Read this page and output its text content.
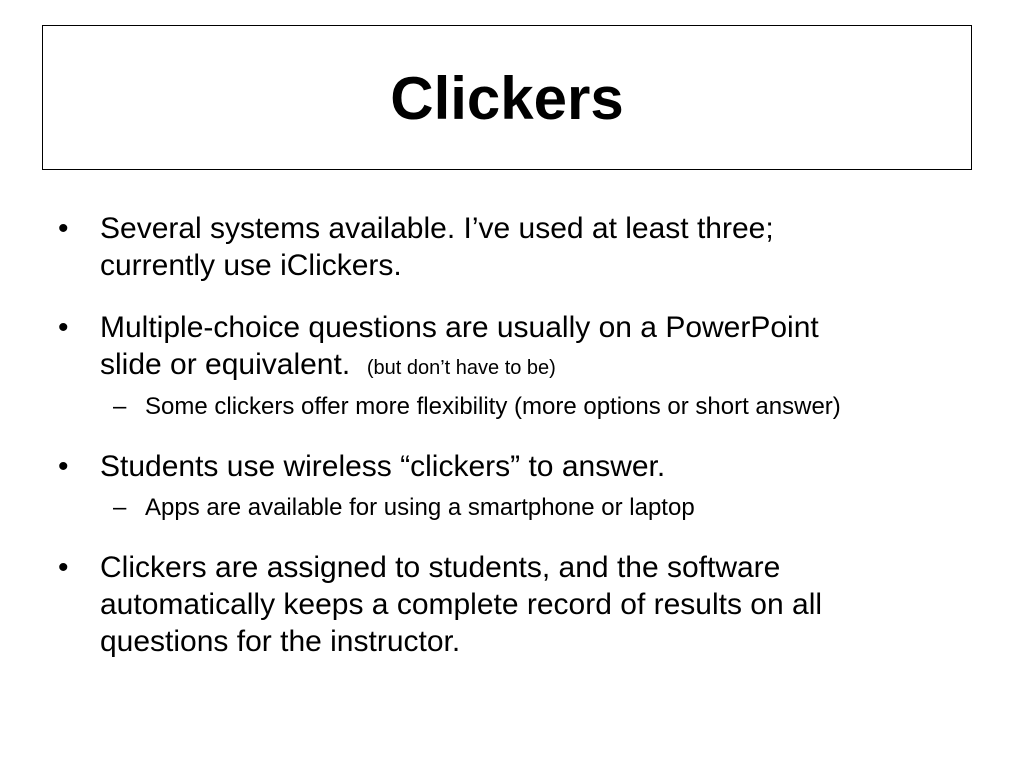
Clickers
• Several systems available. I’ve used at least three;
currently use iClickers.
• Multiple-choice questions are usually on a PowerPoint
slide or equivalent. (but don’t have to be)
– Some clickers offer more flexibility (more options or short answer)
• Students use wireless “clickers” to answer.
– Apps are available for using a smartphone or laptop
• Clickers are assigned to students, and the software
automatically keeps a complete record of results on all
questions for the instructor.
